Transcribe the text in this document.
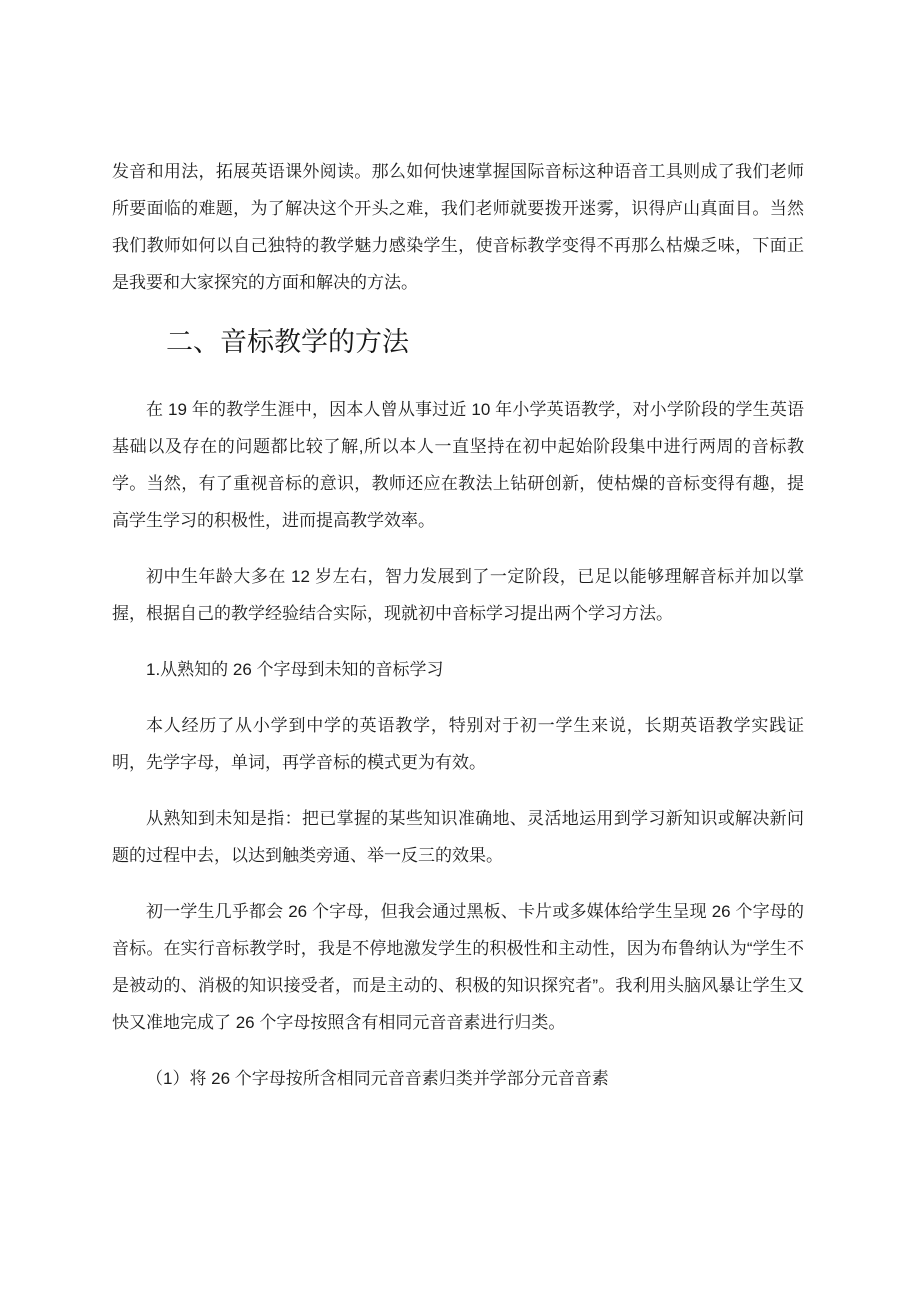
发音和用法，拓展英语课外阅读。那么如何快速掌握国际音标这种语音工具则成了我们老师所要面临的难题，为了解决这个开头之难，我们老师就要拨开迷雾，识得庐山真面目。当然我们教师如何以自己独特的教学魅力感染学生，使音标教学变得不再那么枯燥乏味，下面正是我要和大家探究的方面和解决的方法。

二、音标教学的方法

在 19 年的教学生涯中，因本人曾从事过近 10 年小学英语教学，对小学阶段的学生英语基础以及存在的问题都比较了解,所以本人一直坚持在初中起始阶段集中进行两周的音标教学。当然，有了重视音标的意识，教师还应在教法上钻研创新，使枯燥的音标变得有趣，提高学生学习的积极性，进而提高教学效率。

初中生年龄大多在 12 岁左右，智力发展到了一定阶段，已足以能够理解音标并加以掌握，根据自己的教学经验结合实际，现就初中音标学习提出两个学习方法。

1.从熟知的 26 个字母到未知的音标学习

本人经历了从小学到中学的英语教学，特别对于初一学生来说，长期英语教学实践证明，先学字母，单词，再学音标的模式更为有效。

从熟知到未知是指：把已掌握的某些知识准确地、灵活地运用到学习新知识或解决新问题的过程中去，以达到触类旁通、举一反三的效果。

初一学生几乎都会 26 个字母，但我会通过黑板、卡片或多媒体给学生呈现 26 个字母的音标。在实行音标教学时，我是不停地激发学生的积极性和主动性，因为布鲁纳认为“学生不是被动的、消极的知识接受者，而是主动的、积极的知识探究者”。我利用头脑风暴让学生又快又准地完成了 26 个字母按照含有相同元音音素进行归类。

（1）将 26 个字母按所含相同元音音素归类并学部分元音音素
